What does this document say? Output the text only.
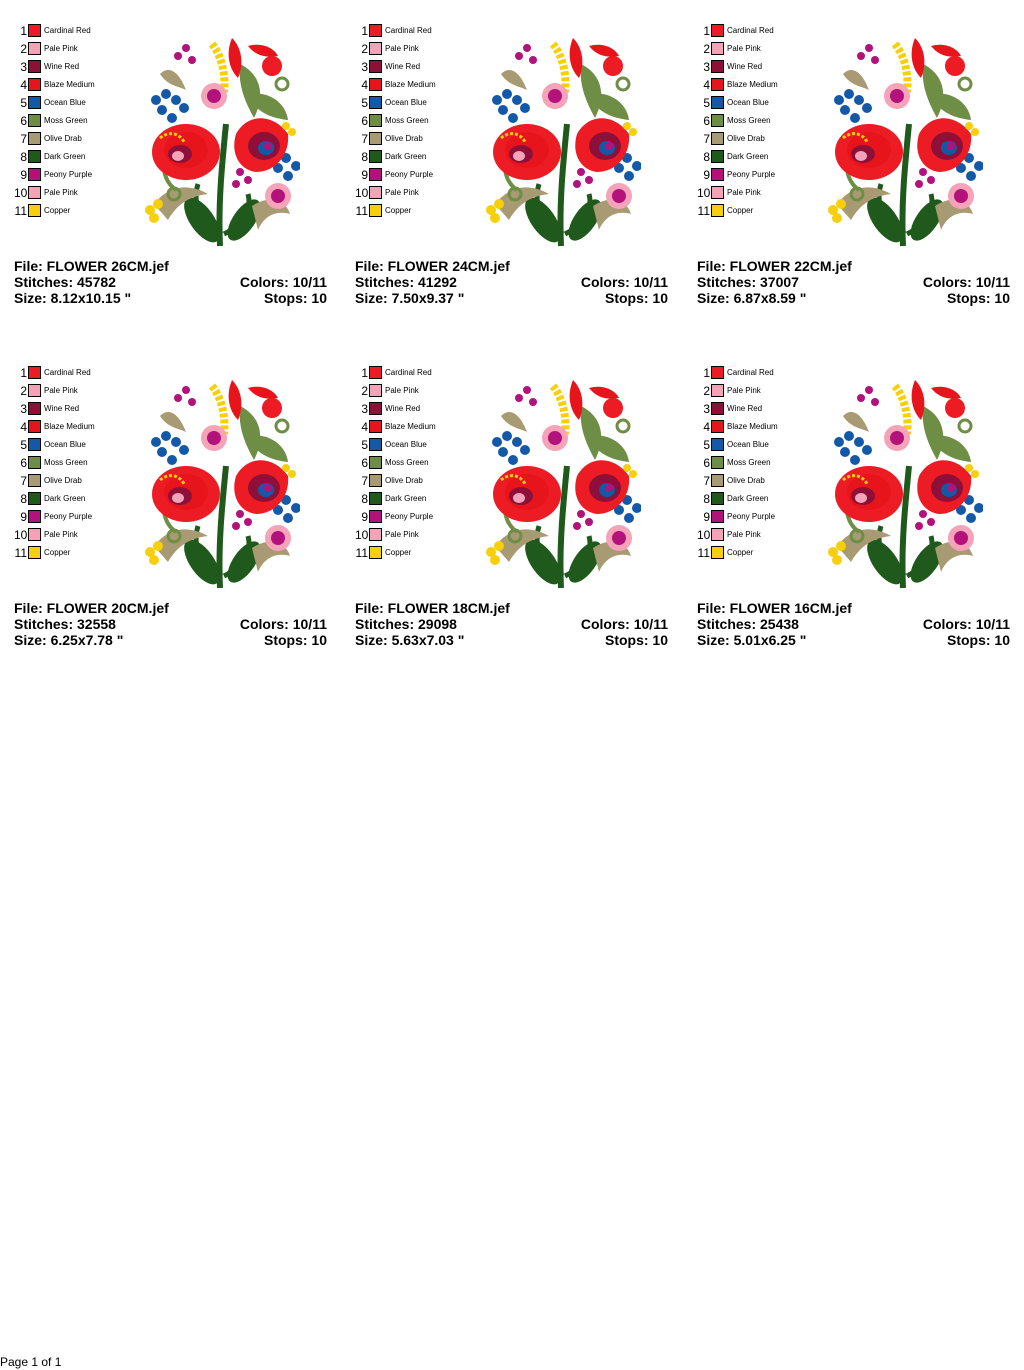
1 Cardinal Red
2 Pale Pink
3 Wine Red
4 Blaze Medium
5 Ocean Blue
6 Moss Green
7 Olive Drab
8 Dark Green
9 Peony Purple
10 Pale Pink
11 Copper
File: FLOWER 26CM.jef
Stitches: 45782
Size: 8.12x10.15 "
Colors: 10/11
Stops: 10
1 Cardinal Red
2 Pale Pink
3 Wine Red
4 Blaze Medium
5 Ocean Blue
6 Moss Green
7 Olive Drab
8 Dark Green
9 Peony Purple
10 Pale Pink
11 Copper
File: FLOWER 24CM.jef
Stitches: 41292
Size: 7.50x9.37 "
Colors: 10/11
Stops: 10
1 Cardinal Red
2 Pale Pink
3 Wine Red
4 Blaze Medium
5 Ocean Blue
6 Moss Green
7 Olive Drab
8 Dark Green
9 Peony Purple
10 Pale Pink
11 Copper
File: FLOWER 22CM.jef
Stitches: 37007
Size: 6.87x8.59 "
Colors: 10/11
Stops: 10
1 Cardinal Red
2 Pale Pink
3 Wine Red
4 Blaze Medium
5 Ocean Blue
6 Moss Green
7 Olive Drab
8 Dark Green
9 Peony Purple
10 Pale Pink
11 Copper
File: FLOWER 20CM.jef
Stitches: 32558
Size: 6.25x7.78 "
Colors: 10/11
Stops: 10
1 Cardinal Red
2 Pale Pink
3 Wine Red
4 Blaze Medium
5 Ocean Blue
6 Moss Green
7 Olive Drab
8 Dark Green
9 Peony Purple
10 Pale Pink
11 Copper
File: FLOWER 18CM.jef
Stitches: 29098
Size: 5.63x7.03 "
Colors: 10/11
Stops: 10
1 Cardinal Red
2 Pale Pink
3 Wine Red
4 Blaze Medium
5 Ocean Blue
6 Moss Green
7 Olive Drab
8 Dark Green
9 Peony Purple
10 Pale Pink
11 Copper
File: FLOWER 16CM.jef
Stitches: 25438
Size: 5.01x6.25 "
Colors: 10/11
Stops: 10
Page 1 of 1
